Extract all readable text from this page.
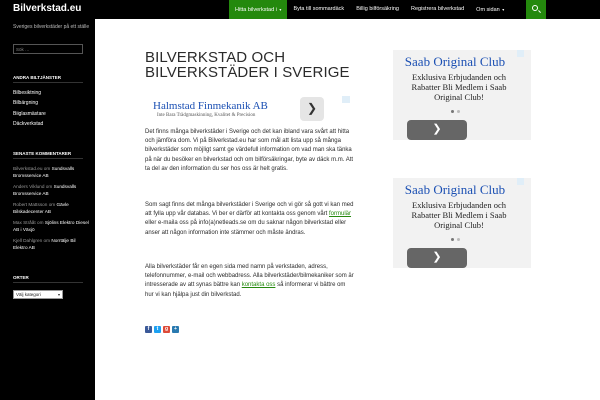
Bilverkstad.eu	Hitta bilverkstad i ▾	Byta till sommardäck	Billig bilförsäkring	Registrera bilverkstad	Om sidan ▾
Sveriges bilverkstäder på ett ställe
Sök …
ANDRA BILTJÄNSTER
Bilbesiktning
Bilbärgning
Biiglasmästare
Däckverkstad
SENASTE KOMMENTARER
Bilverkstad.eu om Sundsvalls Bromsservice AB
Anders Viklund om Sundsvalls Bromsservice AB
Robert Mattsson om Gävle Bilskadecenter AB
Max Strååt om Sjölins Elektro Diesel AB i Växjö
Kjell Dahlgren om Norrtälje Bil Elektro AB
ORTER
Välj kategori	▾
BILVERKSTAD OCH BILVERKSTÄDER I SVERIGE
Halmstad Finmekanik AB
Inte Bara Trädgmaskinning, Kvalitet & Precision
❯

Det finns många bilverkstäder i Sverige och det kan ibland vara svårt att hitta och jämföra dom. Vi på Bilverkstad.eu har som mål att lista upp så många bilverkstäder som möjligt samt ge värdefull information om vad man ska tänka på när du besöker en bilverkstad och om bilförsäkringar, byte av däck m.m. Att ta del av den information du ser hos oss är helt gratis.

Som sagt finns det många bilverkstäder i Sverige och vi gör så gott vi kan med att fylla upp vår databas. Vi ber er därför att kontakta oss genom vårt formulär eller e-maila oss på info(a)netleads.se om du saknar någon bilverkstad eller anser att någon information inte stämmer och måste ändras.

Alla bilverkstäder får en egen sida med namn på verkstaden, adress, telefonnummer, e-mail och webbadress. Alla bilverkstäder/bilmekaniker som är intresserade av att synas bättre kan kontakta oss så informerar vi bättre om hur vi kan hjälpa just din bilverkstad.

f	t	g	+
Saab Original Club
Exklusiva Erbjudanden och Rabatter Bli Medlem i Saab Original Club!
❯
Saab Original Club
Exklusiva Erbjudanden och Rabatter Bli Medlem i Saab Original Club!
❯
